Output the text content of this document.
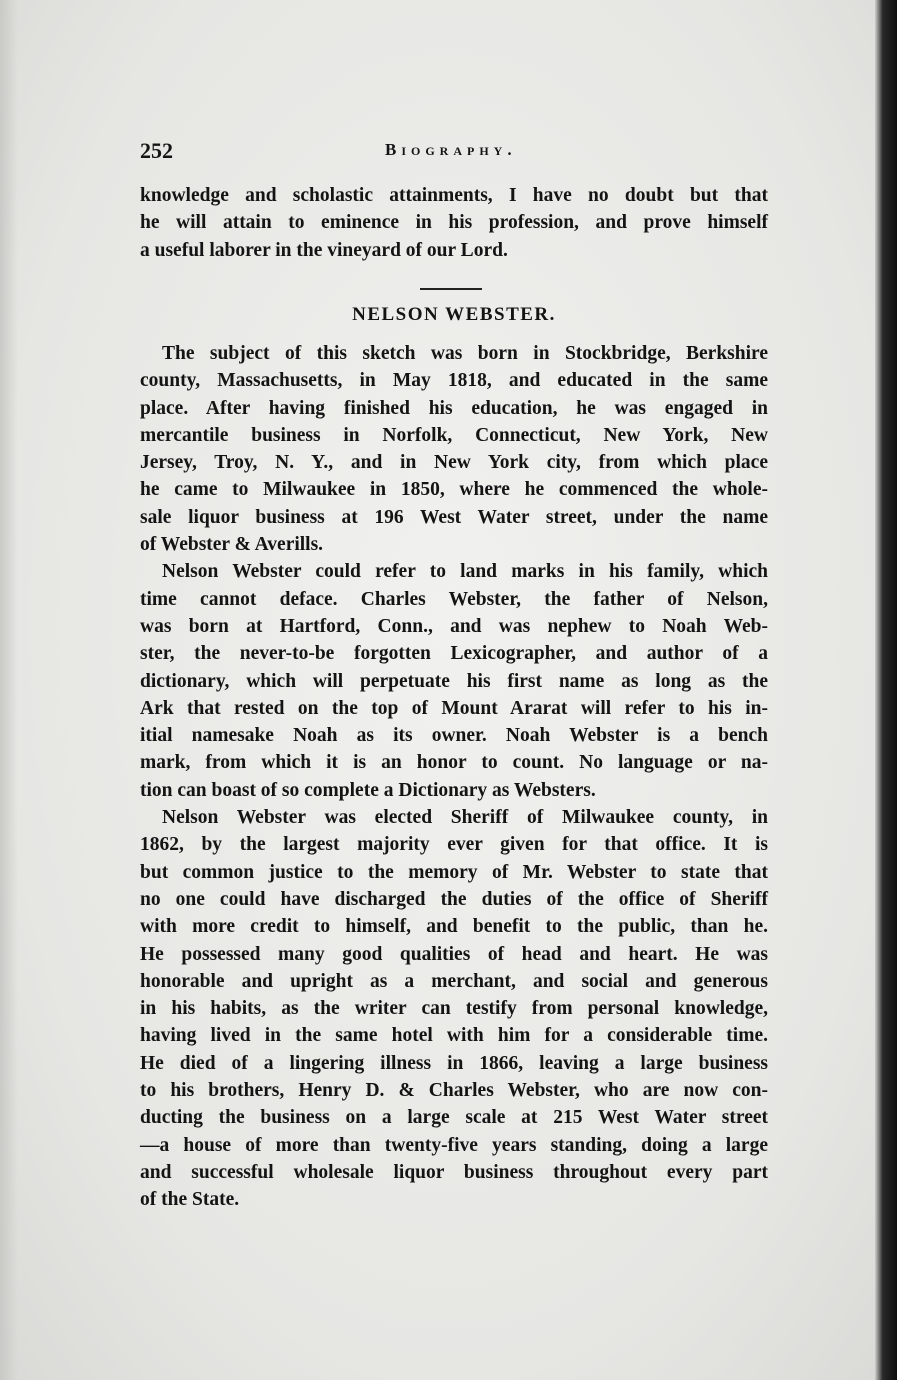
252	Biography.
knowledge and scholastic attainments, I have no doubt but that
he will attain to eminence in his profession, and prove himself
a useful laborer in the vineyard of our Lord.
NELSON WEBSTER.
The subject of this sketch was born in Stockbridge, Berkshire
county, Massachusetts, in May 1818, and educated in the same
place. After having finished his education, he was engaged in
mercantile business in Norfolk, Connecticut, New York, New
Jersey, Troy, N. Y., and in New York city, from which place
he came to Milwaukee in 1850, where he commenced the whole-
sale liquor business at 196 West Water street, under the name
of Webster & Averills.
Nelson Webster could refer to land marks in his family, which
time cannot deface. Charles Webster, the father of Nelson,
was born at Hartford, Conn., and was nephew to Noah Web-
ster, the never-to-be forgotten Lexicographer, and author of a
dictionary, which will perpetuate his first name as long as the
Ark that rested on the top of Mount Ararat will refer to his in-
itial namesake Noah as its owner. Noah Webster is a bench
mark, from which it is an honor to count. No language or na-
tion can boast of so complete a Dictionary as Websters.
Nelson Webster was elected Sheriff of Milwaukee county, in
1862, by the largest majority ever given for that office. It is
but common justice to the memory of Mr. Webster to state that
no one could have discharged the duties of the office of Sheriff
with more credit to himself, and benefit to the public, than he.
He possessed many good qualities of head and heart. He was
honorable and upright as a merchant, and social and generous
in his habits, as the writer can testify from personal knowledge,
having lived in the same hotel with him for a considerable time.
He died of a lingering illness in 1866, leaving a large business
to his brothers, Henry D. & Charles Webster, who are now con-
ducting the business on a large scale at 215 West Water street
—a house of more than twenty-five years standing, doing a large
and successful wholesale liquor business throughout every part
of the State.
